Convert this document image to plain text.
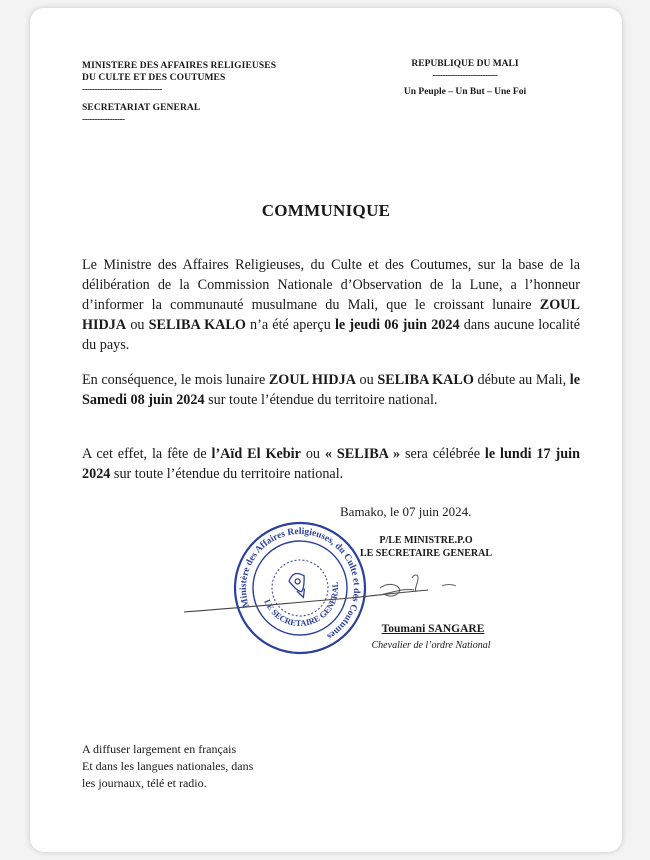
MINISTERE DES AFFAIRES RELIGIEUSES
DU CULTE ET DES COUTUMES
--------------------------------
SECRETARIAT GENERAL
-----------------
REPUBLIQUE DU MALI
--------------------------
Un Peuple – Un But – Une Foi
COMMUNIQUE
Le Ministre des Affaires Religieuses, du Culte et des Coutumes, sur la base de la délibération de la Commission Nationale d’Observation de la Lune, a l’honneur d’informer la communauté musulmane du Mali, que le croissant lunaire ZOUL HIDJA ou SELIBA KALO n’a été aperçu le jeudi 06 juin 2024 dans aucune localité du pays.
En conséquence, le mois lunaire ZOUL HIDJA ou SELIBA KALO débute au Mali, le Samedi 08 juin 2024 sur toute l’étendue du territoire national.
A cet effet, la fête de l’Aïd El Kebir ou « SELIBA » sera célébrée le lundi 17 juin 2024 sur toute l’étendue du territoire national.
Bamako, le 07 juin 2024.
P/LE MINISTRE.P.O
LE SECRETAIRE GENERAL
Ministère des Affaires Religieuses, du Culte et des Coutumes
LE SECRETAIRE GENERAL
Toumani SANGARE
Chevalier de l’ordre National
A diffuser largement en français
Et dans les langues nationales, dans
les journaux, télé et radio.
